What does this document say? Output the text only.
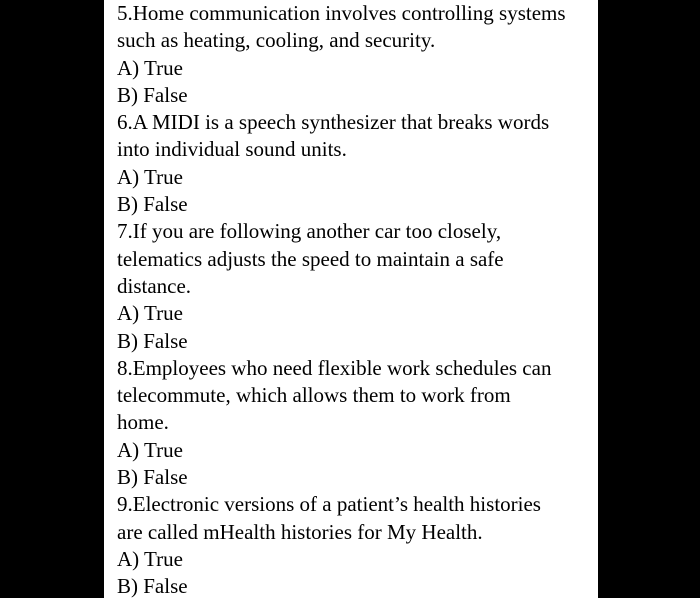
5.Home communication involves controlling systems
such as heating, cooling, and security.
A) True
B) False
6.A MIDI is a speech synthesizer that breaks words
into individual sound units.
A) True
B) False
7.If you are following another car too closely,
telematics adjusts the speed to maintain a safe
distance.
A) True
B) False
8.Employees who need flexible work schedules can
telecommute, which allows them to work from
home.
A) True
B) False
9.Electronic versions of a patient’s health histories
are called mHealth histories for My Health.
A) True
B) False
